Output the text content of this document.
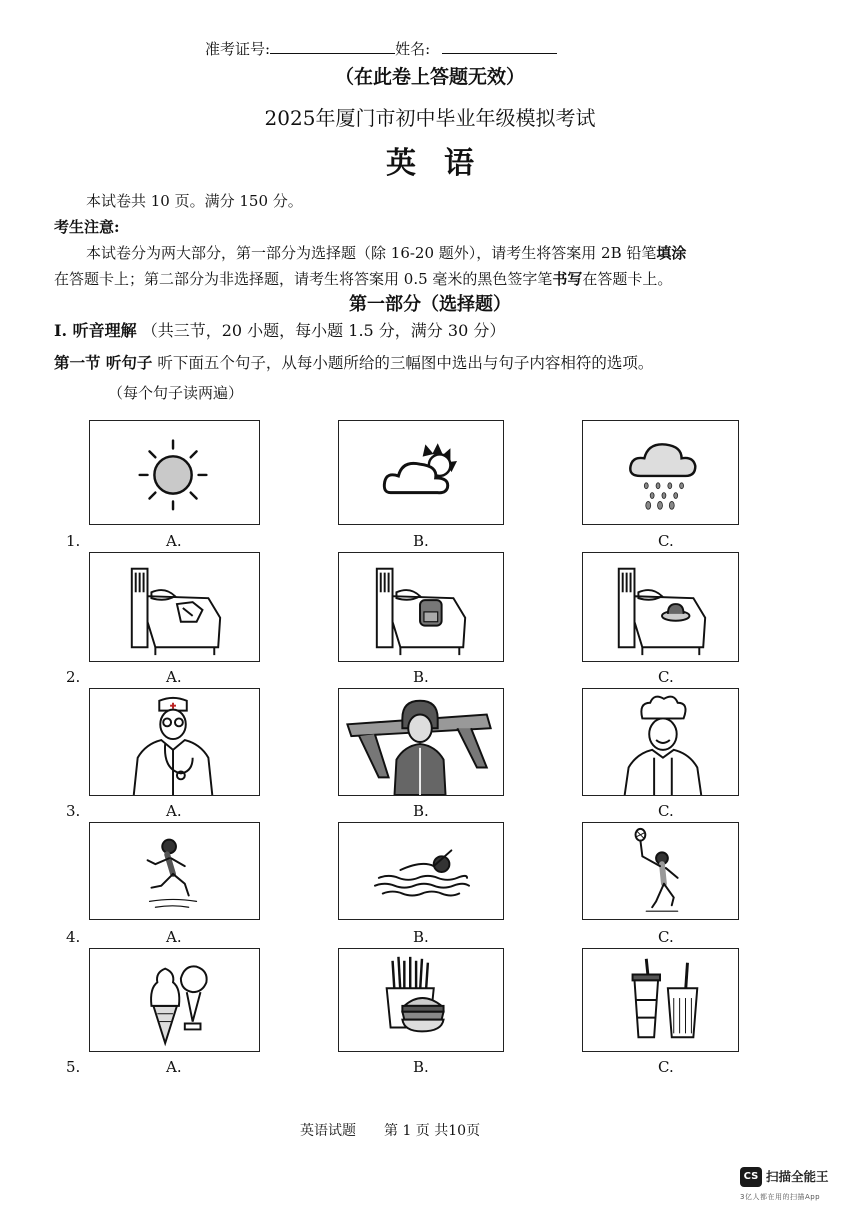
准考证号:	姓名:
（在此卷上答题无效）
2025年厦门市初中毕业年级模拟考试
英语
本试卷共 10 页。满分 150 分。
考生注意:
本试卷分为两大部分，第一部分为选择题（除 16-20 题外），请考生将答案用 2B 铅笔填涂
在答题卡上；第二部分为非选择题，请考生将答案用 0.5 毫米的黑色签字笔书写在答题卡上。
第一部分（选择题）
I. 听音理解 （共三节，20 小题，每小题 1.5 分，满分 30 分）
第一节 听句子 听下面五个句子，从每小题所给的三幅图中选出与句子内容相符的选项。
（每个句子读两遍）
1.	A.	B.	C.
2.	A.	B.	C.
3.	A.	B.	C.
4.	A.	B.	C.
5.	A.	B.	C.
英语试题 第 1 页 共10页
CS 扫描全能王
3亿人都在用的扫描App
